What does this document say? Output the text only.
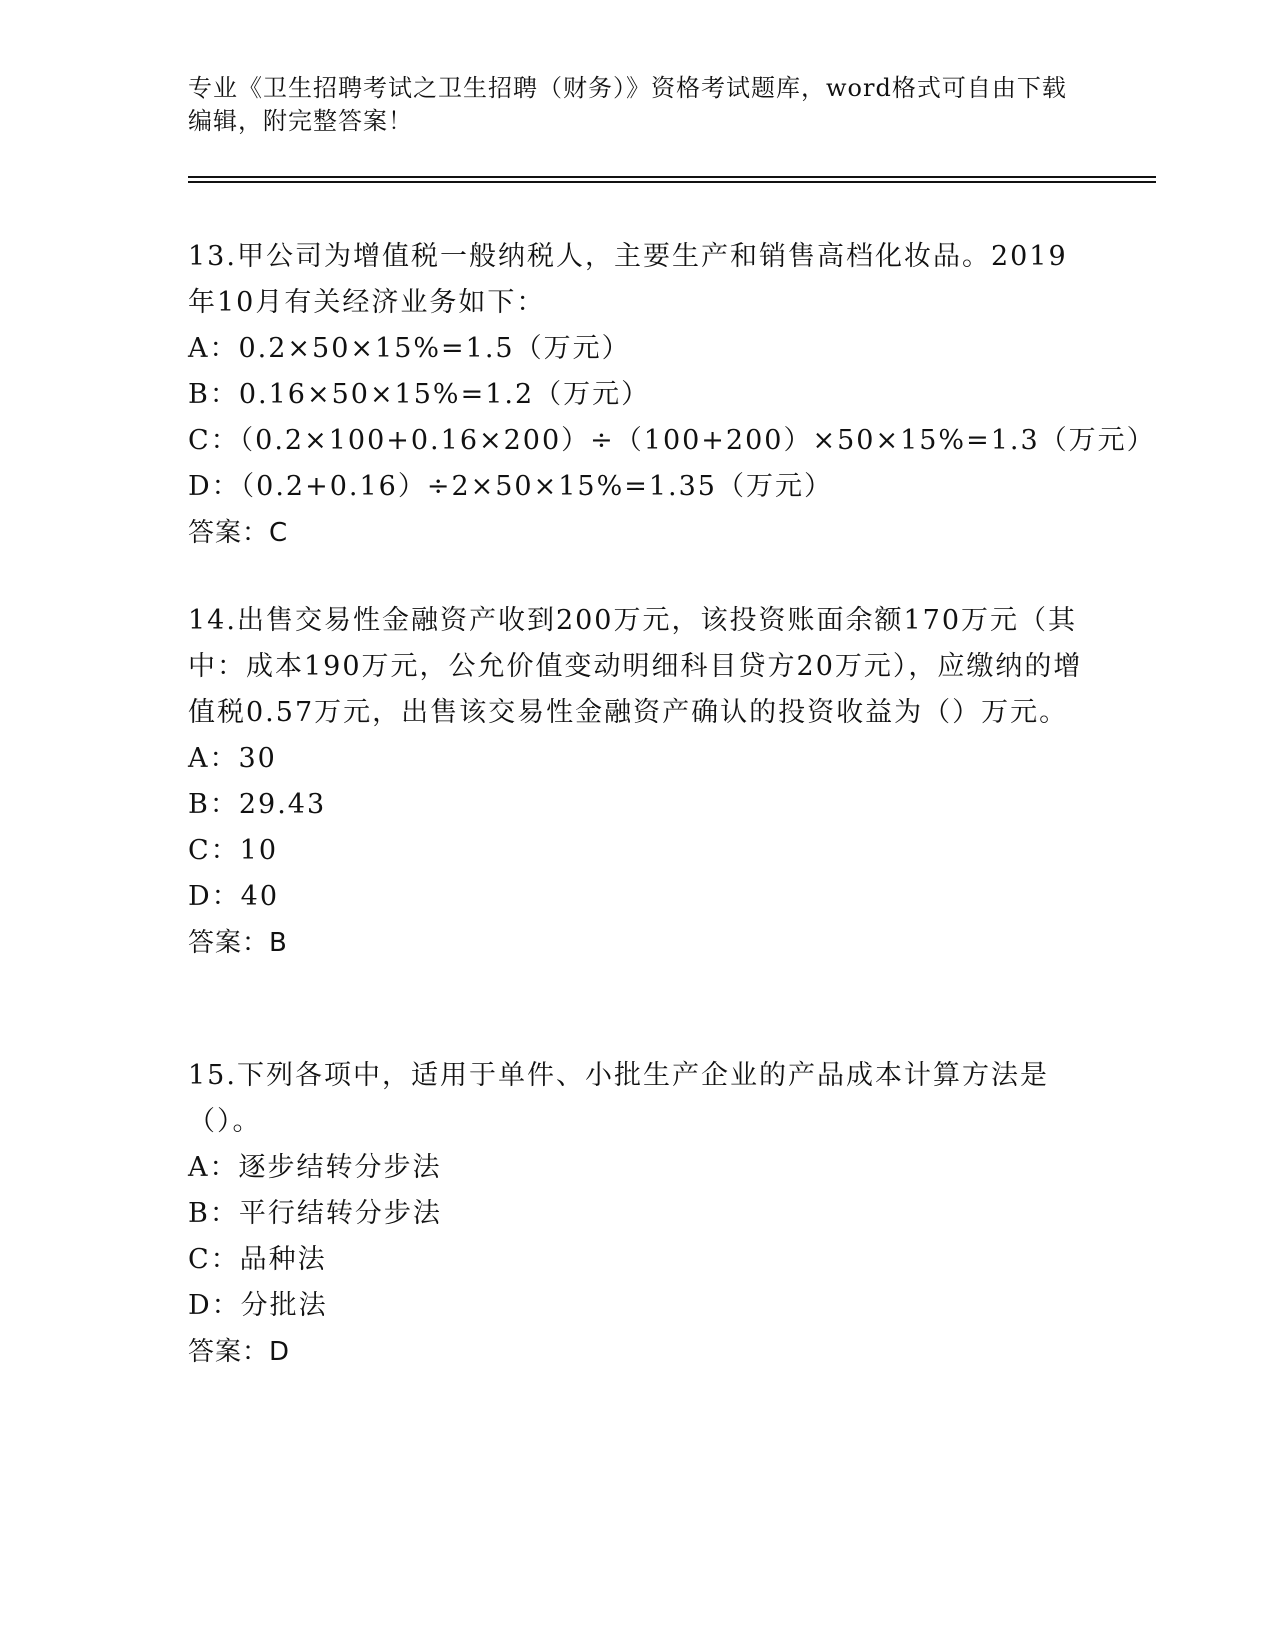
专业《卫生招聘考试之卫生招聘（财务）》资格考试题库，word格式可自由下载编辑，附完整答案！
13.甲公司为增值税一般纳税人，主要生产和销售高档化妆品。2019年10月有关经济业务如下：
A：0.2×50×15%=1.5（万元）
B：0.16×50×15%=1.2（万元）
C：（0.2×100+0.16×200）÷（100+200）×50×15%=1.3（万元）
D：（0.2+0.16）÷2×50×15%=1.35（万元）
答案：C
14.出售交易性金融资产收到200万元，该投资账面余额170万元（其中：成本190万元，公允价值变动明细科目贷方20万元），应缴纳的增值税0.57万元，出售该交易性金融资产确认的投资收益为（）万元。
A：30
B：29.43
C：10
D：40
答案：B
15.下列各项中，适用于单件、小批生产企业的产品成本计算方法是（）。
A：逐步结转分步法
B：平行结转分步法
C：品种法
D：分批法
答案：D
